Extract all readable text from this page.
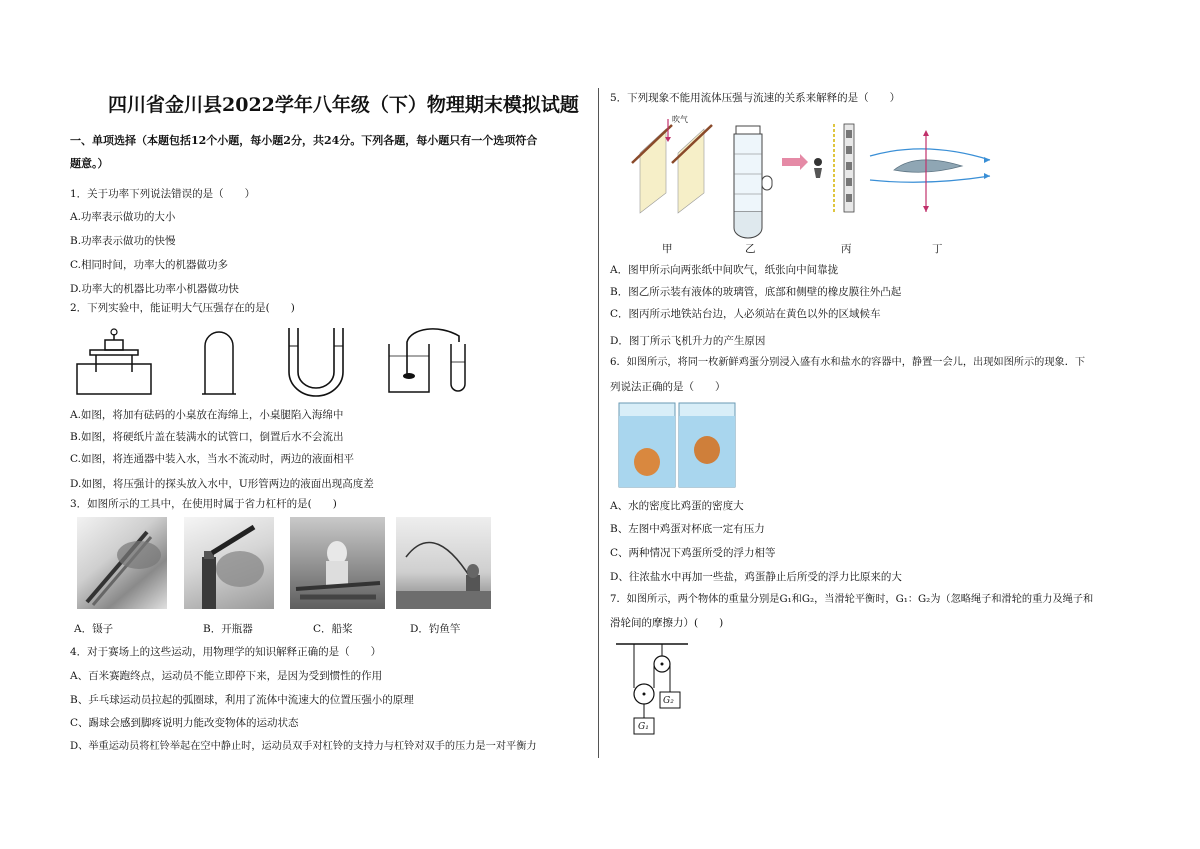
四川省金川县2022学年八年级（下）物理期末模拟试题
一、单项选择（本题包括12个小题，每小题2分，共24分。下列各题，每小题只有一个选项符合
题意。）
1．关于功率下列说法错误的是（　　）
A.功率表示做功的大小
B.功率表示做功的快慢
C.相同时间，功率大的机器做功多
D.功率大的机器比功率小机器做功快
2．下列实验中，能证明大气压强存在的是(　　)
A.如图，将加有砝码的小桌放在海绵上，小桌腿陷入海绵中
B.如图，将硬纸片盖在装满水的试管口，倒置后水不会流出
C.如图，将连通器中装入水，当水不流动时，两边的液面相平
D.如图，将压强计的探头放入水中，U形管两边的液面出现高度差
3．如图所示的工具中，在使用时属于省力杠杆的是(　　)
A．镊子	B．开瓶器	C．船桨	D．钓鱼竿
4．对于赛场上的这些运动，用物理学的知识解释正确的是（　　）
A、百米赛跑终点，运动员不能立即停下来，是因为受到惯性的作用
B、乒乓球运动员拉起的弧圈球，利用了流体中流速大的位置压强小的原理
C、踢球会感到脚疼说明力能改变物体的运动状态
D、举重运动员将杠铃举起在空中静止时，运动员双手对杠铃的支持力与杠铃对双手的压力是一对平衡力
5．下列现象不能用流体压强与流速的关系来解释的是（　　）
吹气
甲	乙	丙	丁
A．图甲所示向两张纸中间吹气，纸张向中间靠拢
B．图乙所示装有液体的玻璃管，底部和侧壁的橡皮膜往外凸起
C．图丙所示地铁站台边，人必须站在黄色以外的区域候车
D．图丁所示飞机升力的产生原因
6．如图所示，将同一枚新鲜鸡蛋分别浸入盛有水和盐水的容器中，静置一会儿，出现如图所示的现象．下
列说法正确的是（　　）
A、水的密度比鸡蛋的密度大
B、左图中鸡蛋对杯底一定有压力
C、两种情况下鸡蛋所受的浮力相等
D、往浓盐水中再加一些盐，鸡蛋静止后所受的浮力比原来的大
7．如图所示，两个物体的重量分别是G₁和G₂，当滑轮平衡时，G₁：G₂为（忽略绳子和滑轮的重力及绳子和
滑轮间的摩擦力）(　　)
G₂
G₁
